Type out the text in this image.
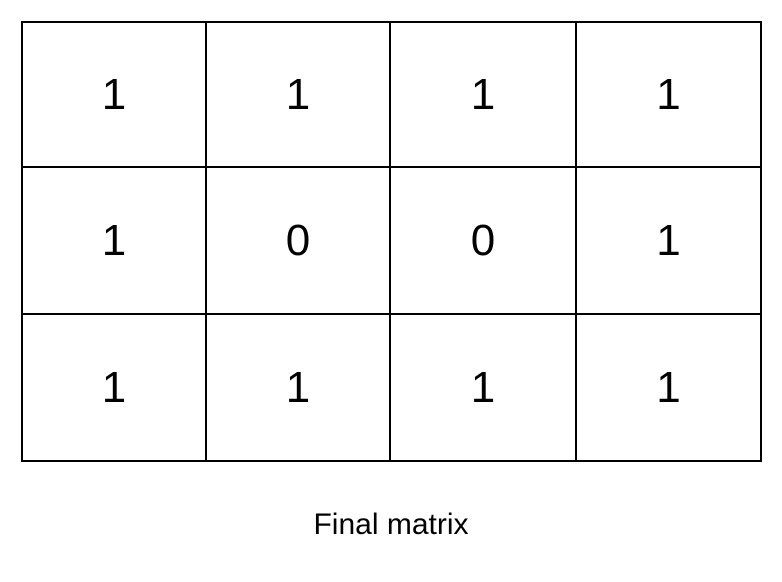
1	1	1	1
1	0	0	1
1	1	1	1
Final matrix
